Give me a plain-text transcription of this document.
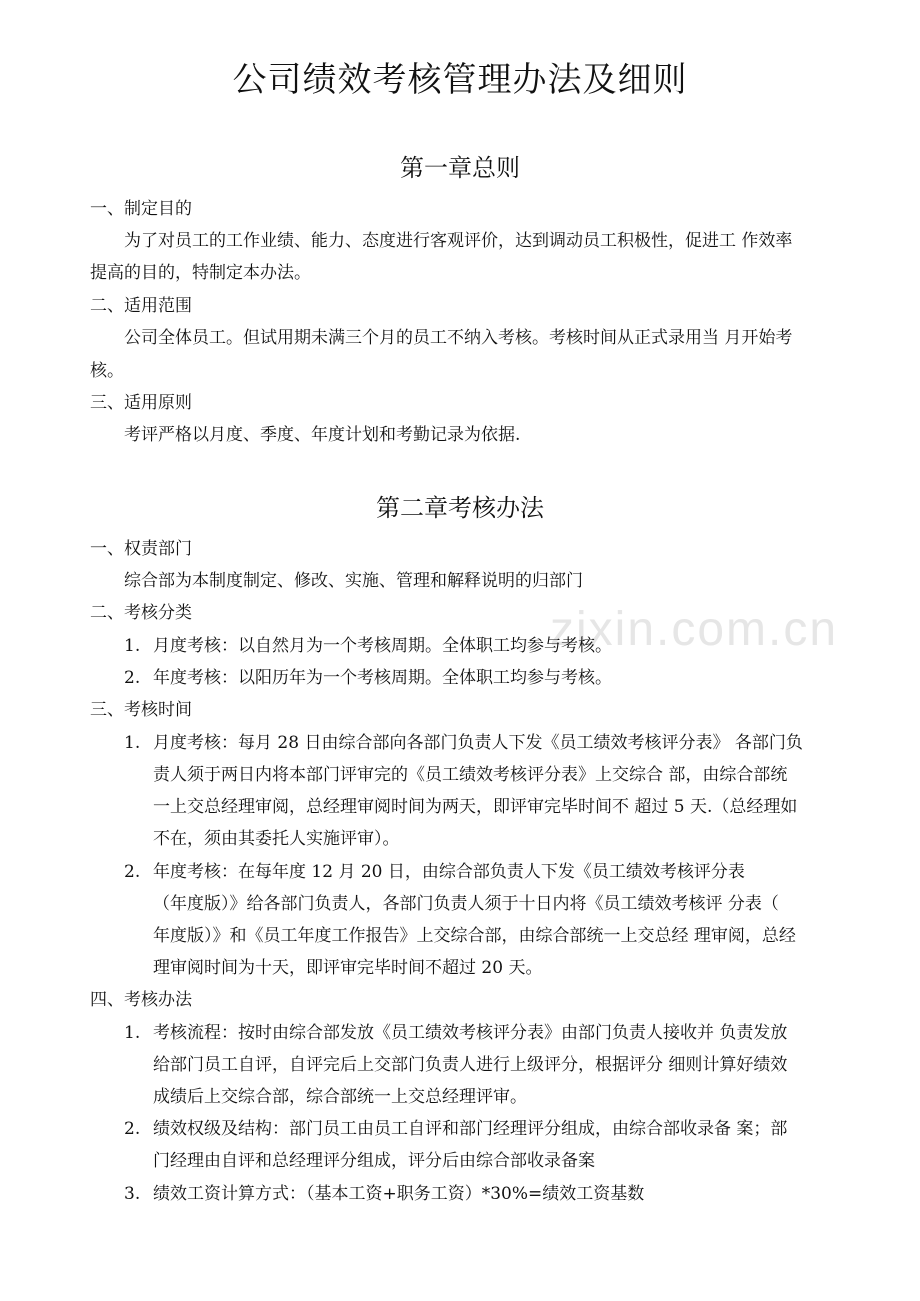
zixin.com.cn
公司绩效考核管理办法及细则
第一章总则

一、制定目的

为了对员工的工作业绩、能力、态度进行客观评价，达到调动员工积极性，促进工 作效率

提高的目的，特制定本办法。

二、适用范围

公司全体员工。但试用期未满三个月的员工不纳入考核。考核时间从正式录用当 月开始考

核。

三、适用原则

考评严格以月度、季度、年度计划和考勤记录为依据.

第二章考核办法

一、权责部门

综合部为本制度制定、修改、实施、管理和解释说明的归部门

二、考核分类

1. 月度考核：以自然月为一个考核周期。全体职工均参与考核。

2. 年度考核：以阳历年为一个考核周期。全体职工均参与考核。

三、考核时间

1. 月度考核：每月 28 日由综合部向各部门负责人下发《员工绩效考核评分表》 各部门负

责人须于两日内将本部门评审完的《员工绩效考核评分表》上交综合 部，由综合部统

一上交总经理审阅，总经理审阅时间为两天，即评审完毕时间不 超过 5 天.（总经理如

不在，须由其委托人实施评审）。

2. 年度考核：在每年度 12 月 20 日，由综合部负责人下发《员工绩效考核评分表

（年度版）》给各部门负责人，各部门负责人须于十日内将《员工绩效考核评 分表（

年度版）》和《员工年度工作报告》上交综合部，由综合部统一上交总经 理审阅，总经

理审阅时间为十天，即评审完毕时间不超过 20 天。

四、考核办法

1. 考核流程：按时由综合部发放《员工绩效考核评分表》由部门负责人接收并 负责发放

给部门员工自评，自评完后上交部门负责人进行上级评分，根据评分 细则计算好绩效

成绩后上交综合部，综合部统一上交总经理评审。

2. 绩效权级及结构：部门员工由员工自评和部门经理评分组成，由综合部收录备 案；部

门经理由自评和总经理评分组成，评分后由综合部收录备案

3. 绩效工资计算方式：（基本工资+职务工资）*30%=绩效工资基数
